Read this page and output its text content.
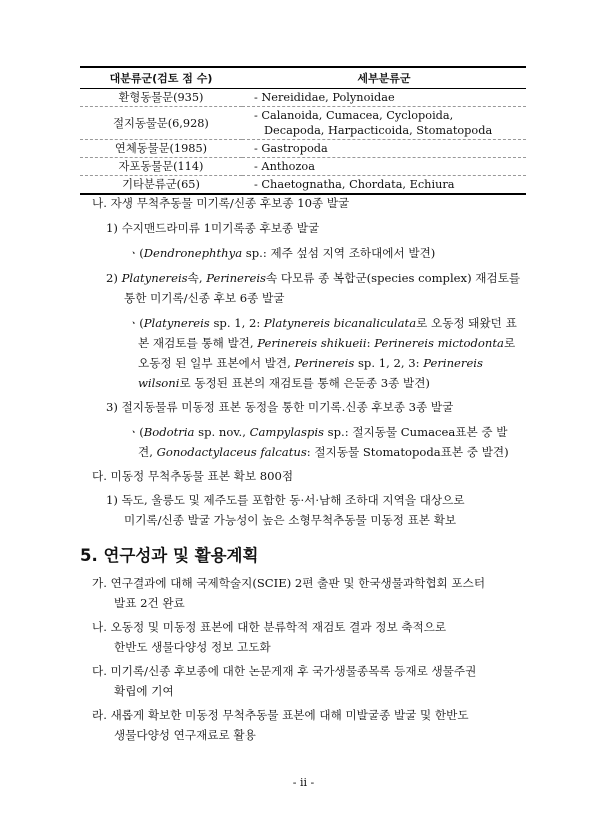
대분류군(검토 점 수)	세부분류군
환형동물문(935)	- Nereididae, Polynoidae

절지동물문(6,928)	- Calanoida, Cumacea, Cyclopoida,
Decapoda, Harpacticoida, Stomatopoda

연체동물문(1985)	- Gastropoda

자포동물문(114)	- Anthozoa

기타분류군(65)	- Chaetognatha, Chordata, Echiura
나. 자생 무척추동물 미기록/신종 후보종 10종 발굴
1) 수지맨드라미류 1미기록종 후보종 발굴
ㆍ(Dendronephthya sp.: 제주 섶섬 지역 조하대에서 발견)
2) Platynereis속, Perinereis속 다모류 종 복합군(species complex) 재검토를
통한 미기록/신종 후보 6종 발굴
ㆍ(Platynereis sp. 1, 2: Platynereis bicanaliculata로 오동정 돼왔던 표
본 재검토를 통해 발견, Perinereis shikueii: Perinereis mictodonta로
오동정 된 일부 표본에서 발견, Perinereis sp. 1, 2, 3: Perinereis
wilsoni로 동정된 표본의 재검토를 통해 은둔종 3종 발견)
3) 절지동물류 미동정 표본 동정을 통한 미기록.신종 후보종 3종 발굴
ㆍ(Bodotria sp. nov., Campylaspis sp.: 절지동물 Cumacea표본 중 발
견, Gonodactylaceus falcatus: 절지동물 Stomatopoda표본 중 발견)
다. 미동정 무척추동물 표본 확보 800점
1) 독도, 울릉도 및 제주도를 포함한 동·서·남해 조하대 지역을 대상으로
미기록/신종 발굴 가능성이 높은 소형무척추동물 미동정 표본 확보
5. 연구성과 및 활용계획
가. 연구결과에 대해 국제학술지(SCIE) 2편 출판 및 한국생물과학협회 포스터
발표 2건 완료
나. 오동정 및 미동정 표본에 대한 분류학적 재검토 결과 정보 축적으로
한반도 생물다양성 정보 고도화
다. 미기록/신종 후보종에 대한 논문게재 후 국가생물종목록 등재로 생물주권
확립에 기여
라. 새롭게 확보한 미동정 무척추동물 표본에 대해 미발굴종 발굴 및 한반도
생물다양성 연구재료로 활용
- ii -
